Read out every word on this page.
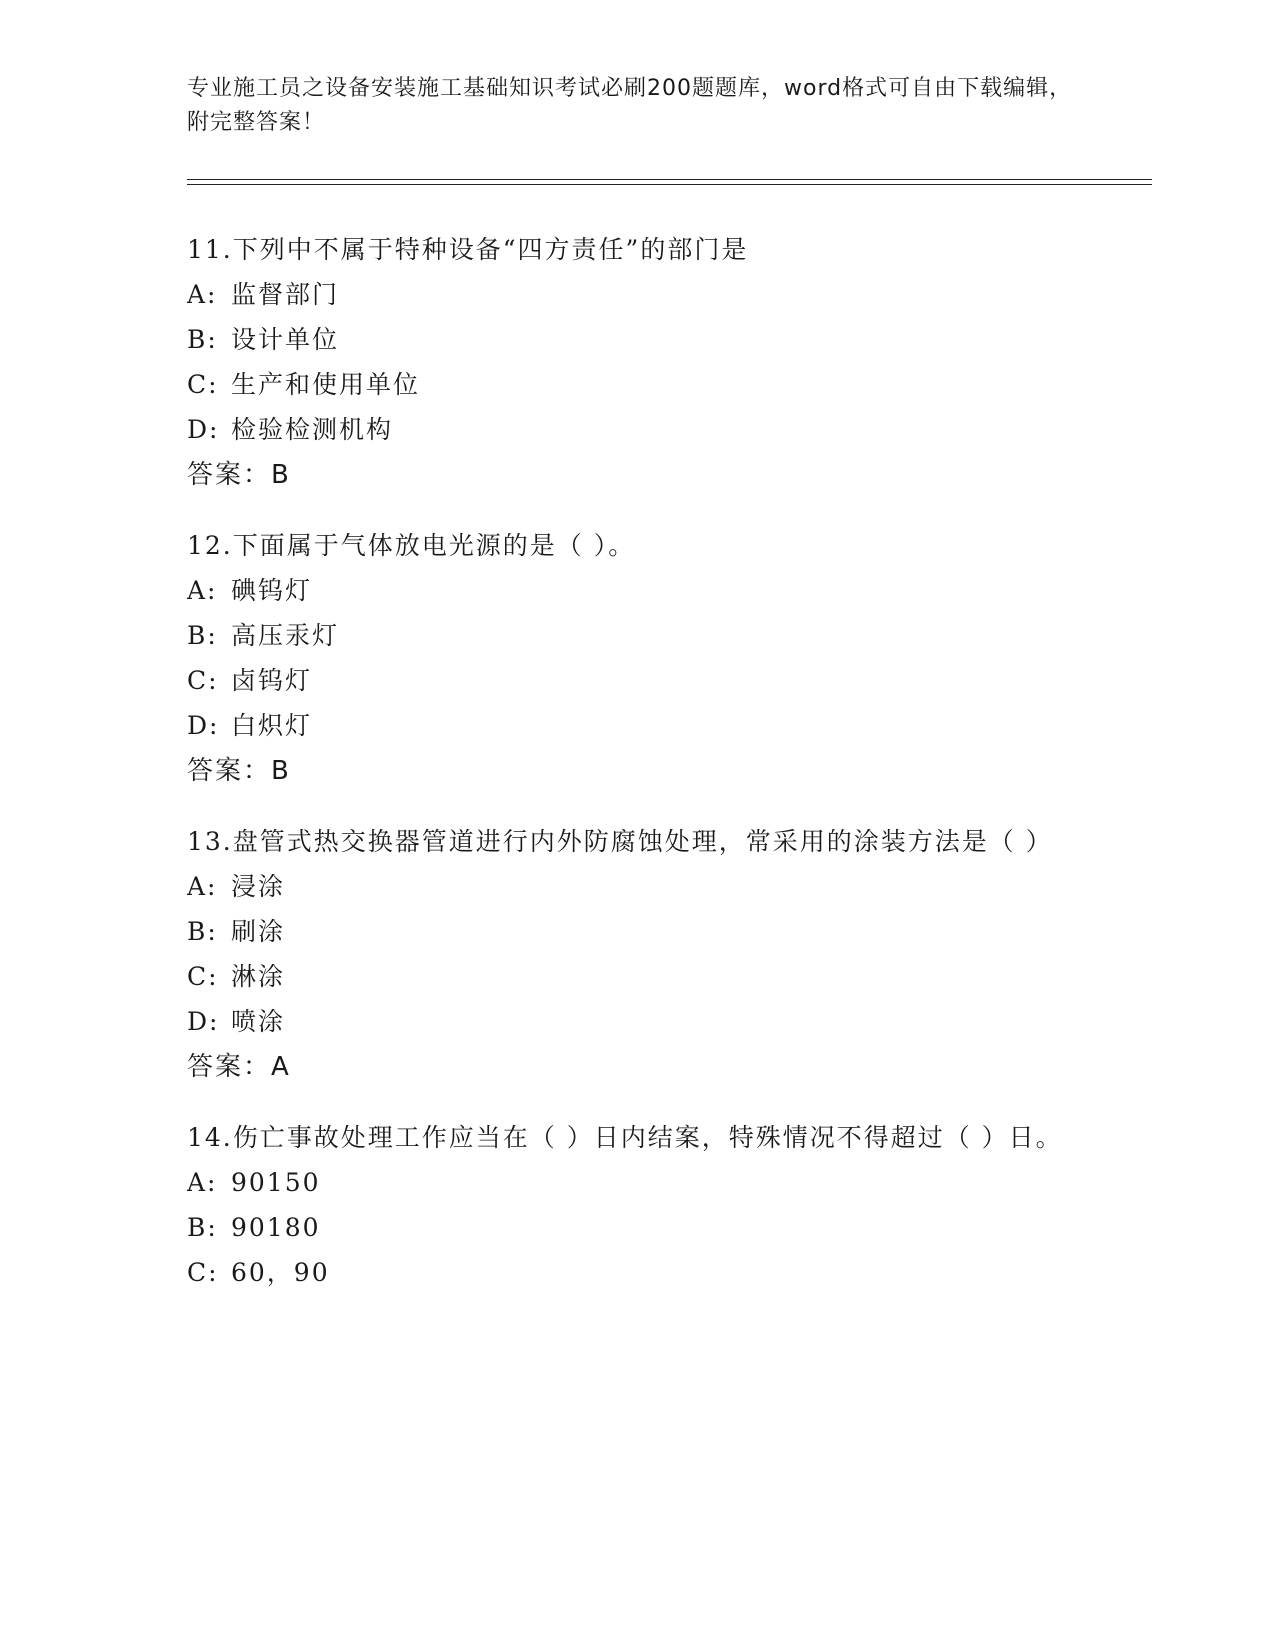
专业施工员之设备安装施工基础知识考试必刷200题题库，word格式可自由下载编辑，附完整答案！
11.下列中不属于特种设备“四方责任”的部门是
A: 监督部门
B: 设计单位
C: 生产和使用单位
D: 检验检测机构
答案：B
12.下面属于气体放电光源的是（ ）。
A: 碘钨灯
B: 高压汞灯
C: 卤钨灯
D: 白炽灯
答案：B
13.盘管式热交换器管道进行内外防腐蚀处理，常采用的涂装方法是（ ）
A: 浸涂
B: 刷涂
C: 淋涂
D: 喷涂
答案：A
14.伤亡事故处理工作应当在（ ）日内结案，特殊情况不得超过（ ）日。
A: 90150
B: 90180
C: 60，90
